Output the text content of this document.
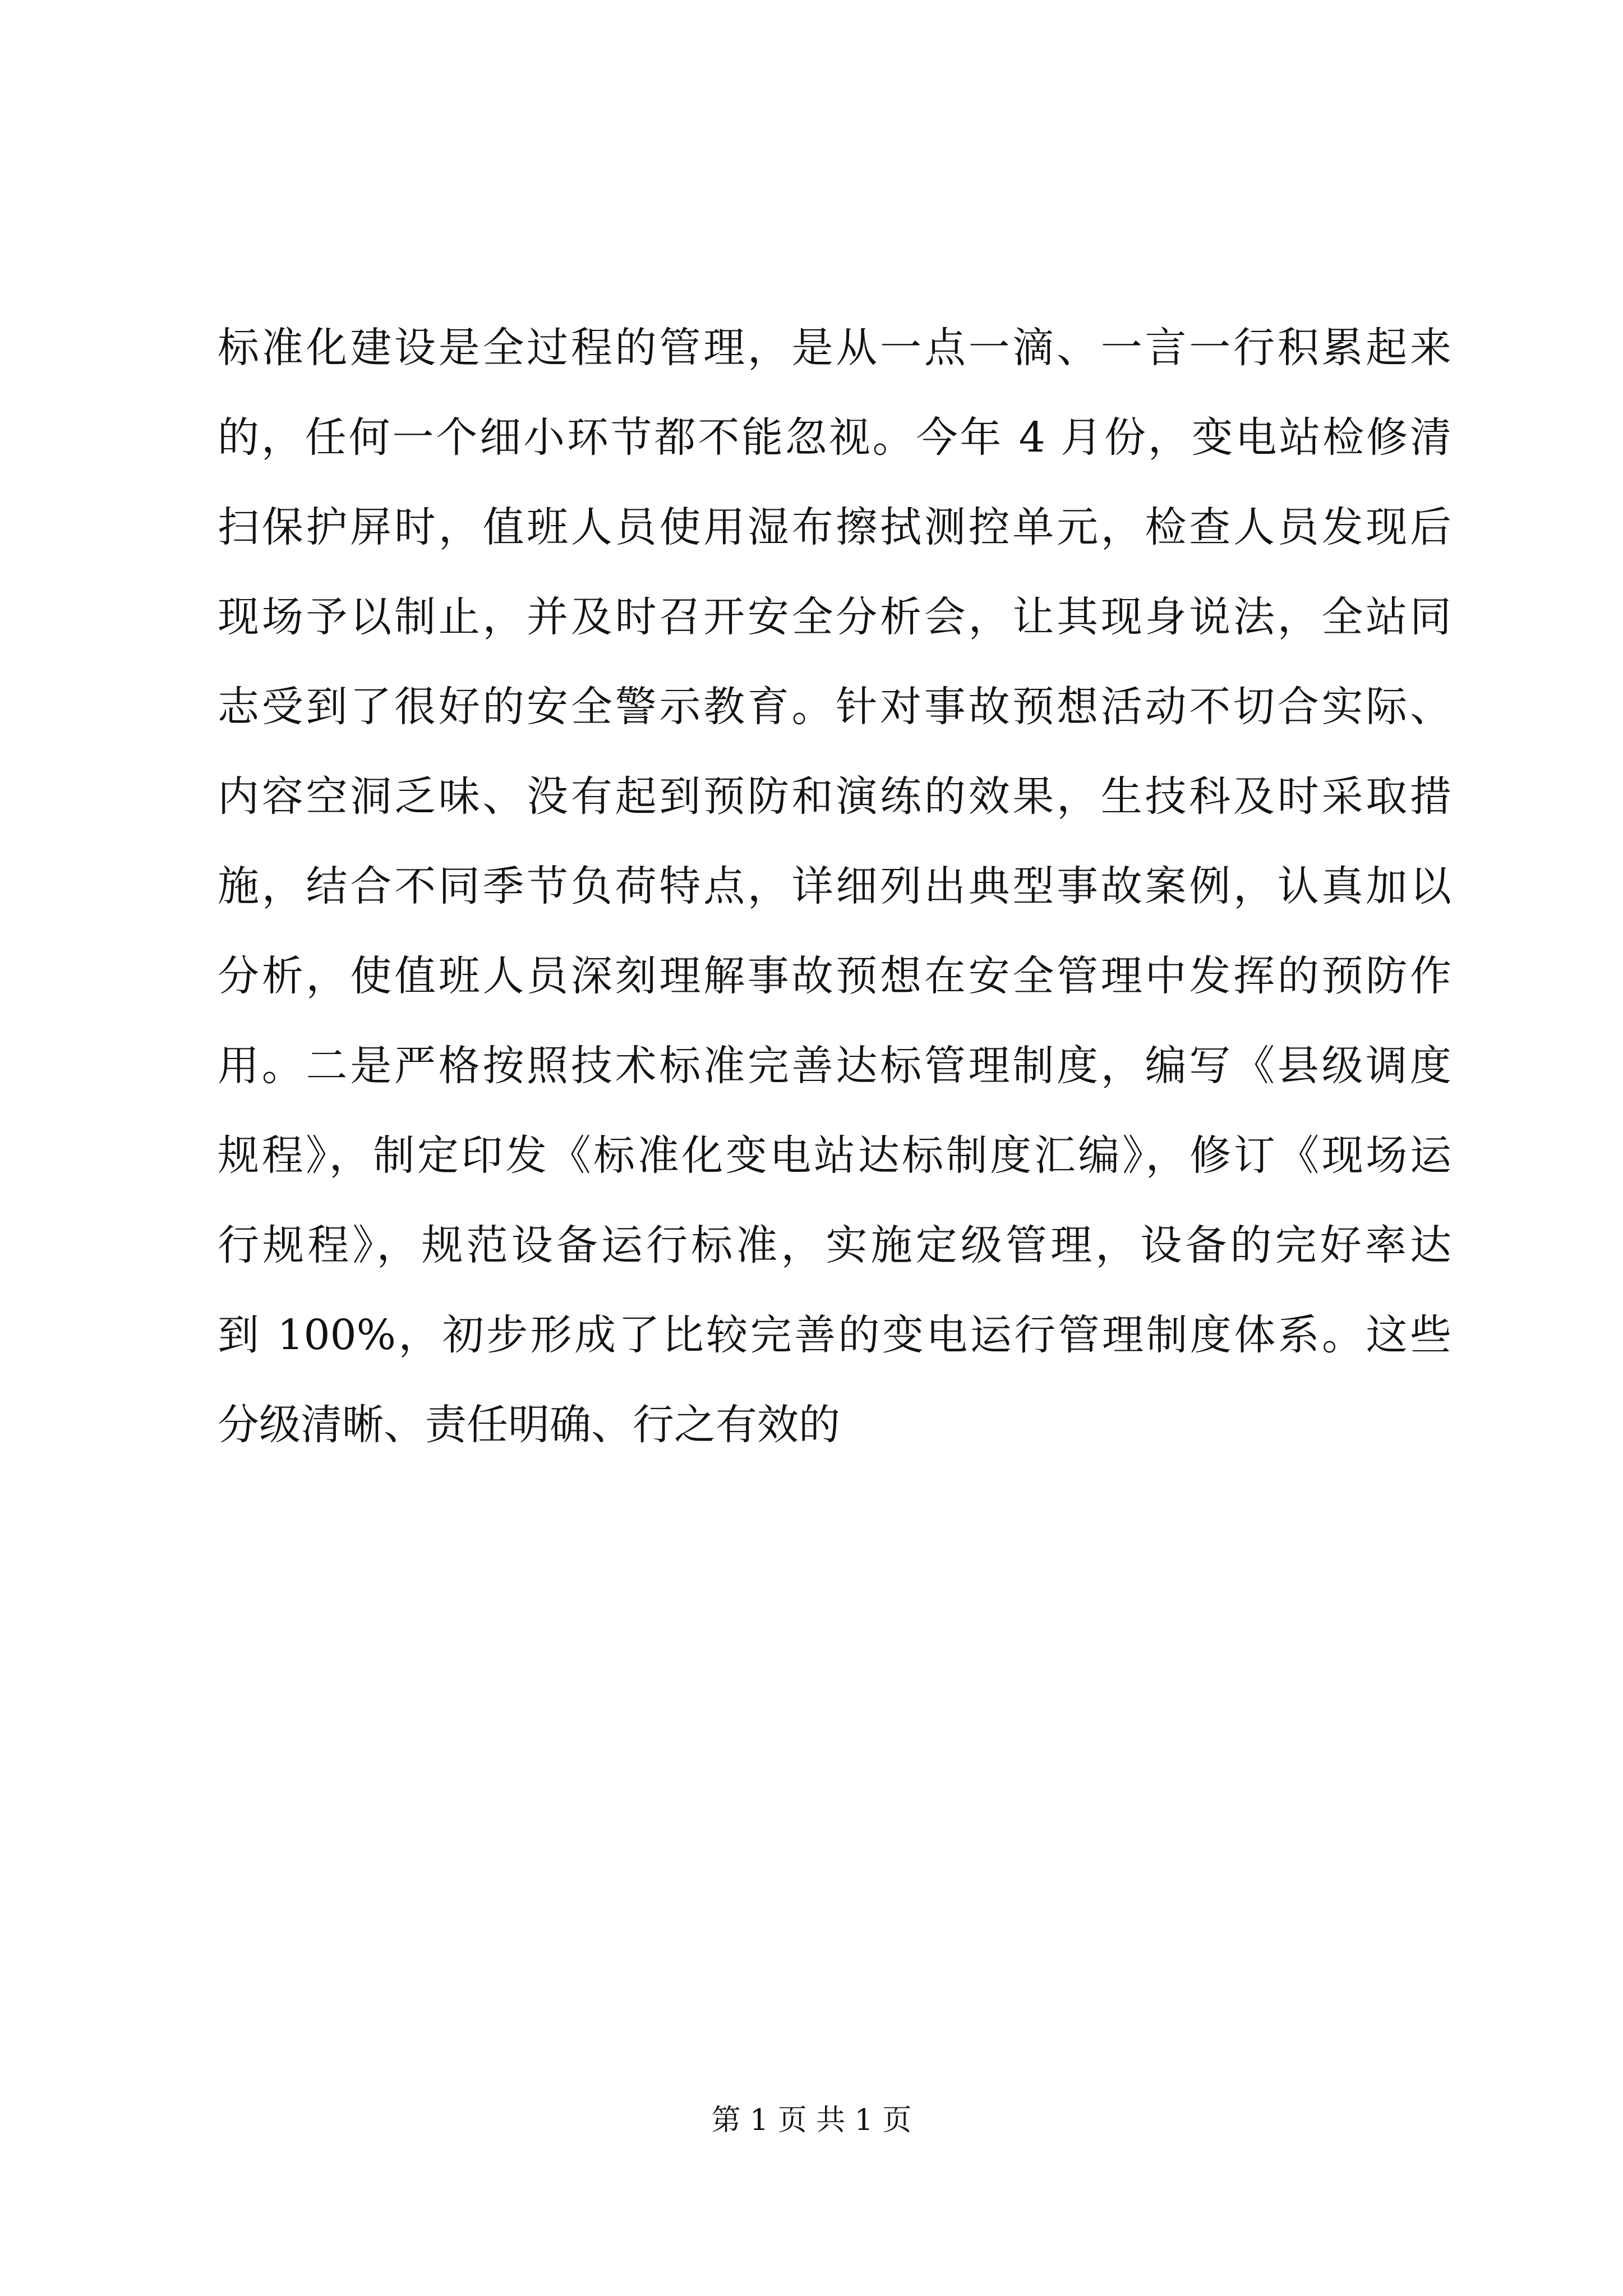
标准化建设是全过程的管理，是从一点一滴、一言一行积累起来
的，任何一个细小环节都不能忽视。今年 4 月份，变电站检修清
扫保护屏时，值班人员使用湿布擦拭测控单元，检查人员发现后
现场予以制止，并及时召开安全分析会，让其现身说法，全站同
志受到了很好的安全警示教育。针对事故预想活动不切合实际、
内容空洞乏味、没有起到预防和演练的效果，生技科及时采取措
施，结合不同季节负荷特点，详细列出典型事故案例，认真加以
分析，使值班人员深刻理解事故预想在安全管理中发挥的预防作
用。二是严格按照技术标准完善达标管理制度，编写《县级调度
规程》，制定印发《标准化变电站达标制度汇编》，修订《现场运
行规程》，规范设备运行标准，实施定级管理，设备的完好率达
到 100%，初步形成了比较完善的变电运行管理制度体系。这些
分级清晰、责任明确、行之有效的
第 1 页 共 1 页
